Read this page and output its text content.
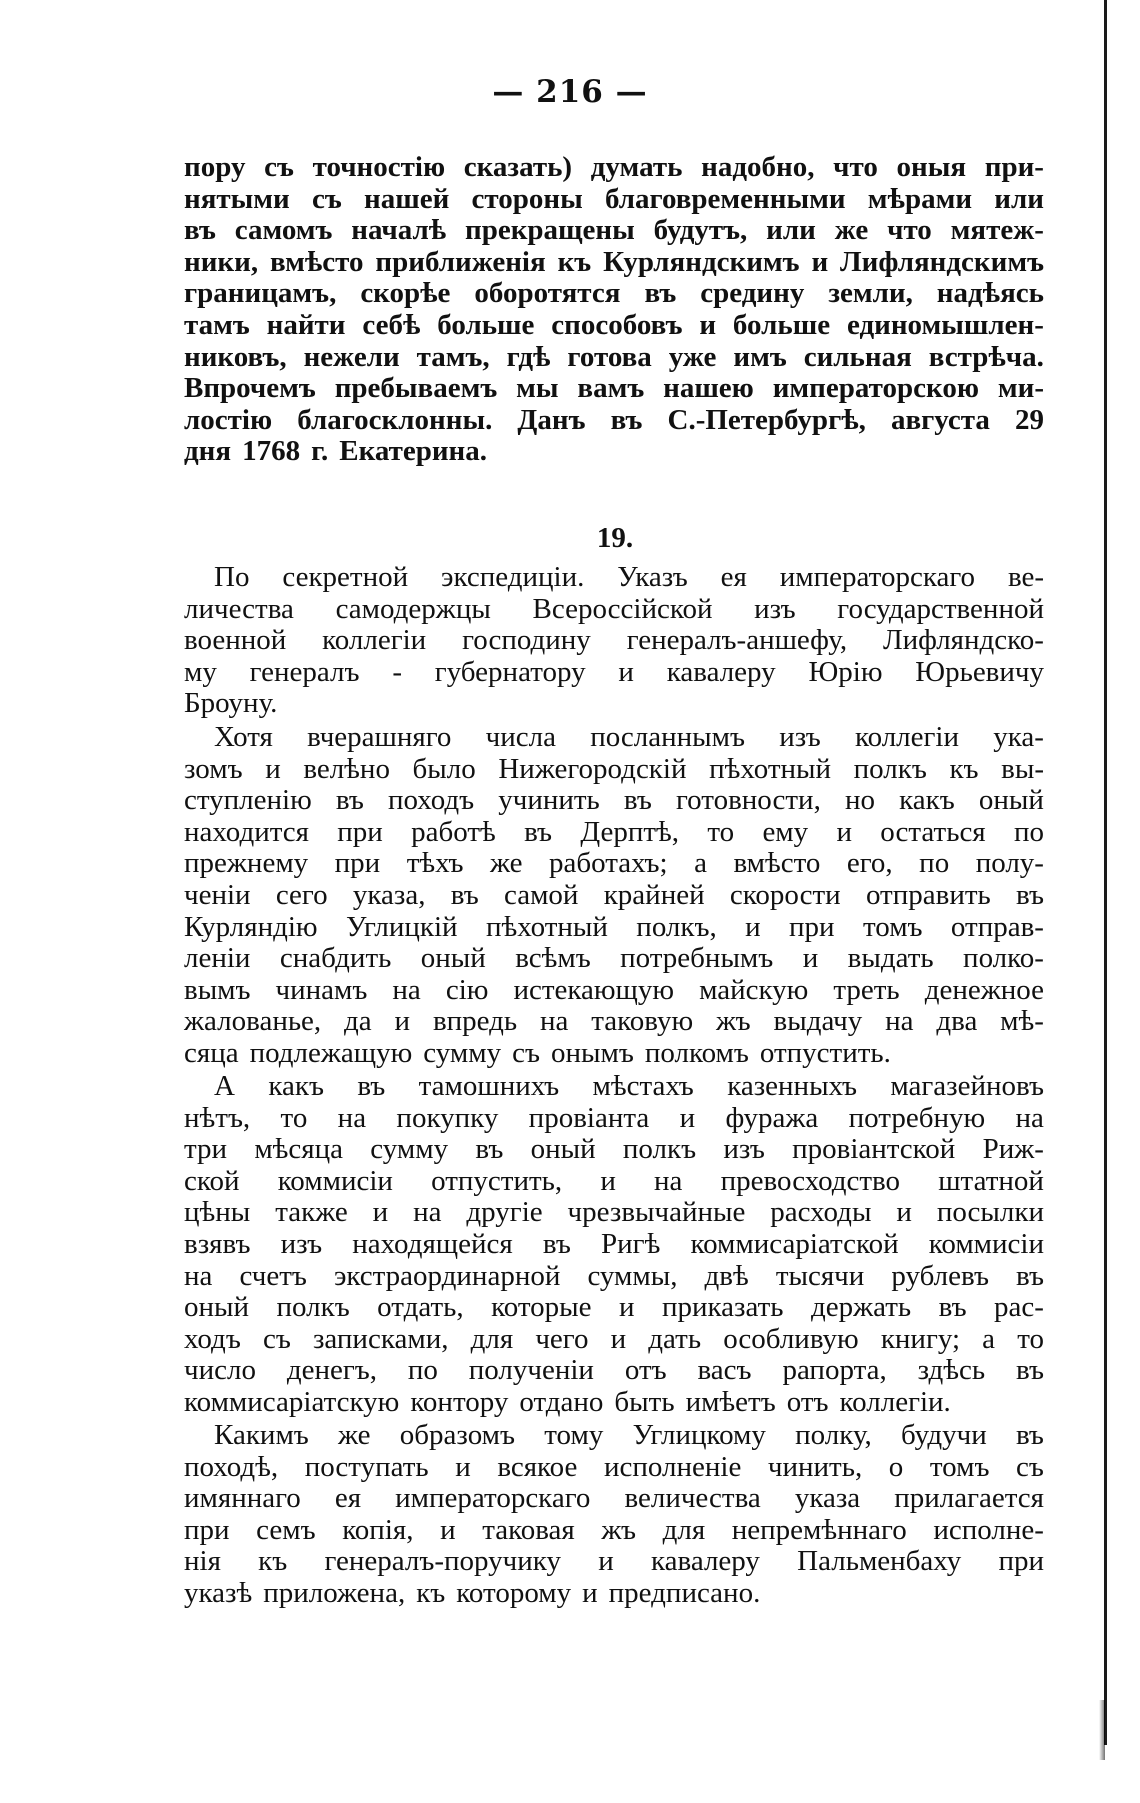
— 216 —
пору съ точностію сказать) думать надобно, что оныя при-
нятыми съ нашей стороны благовременными мѣрами или
въ самомъ началѣ прекращены будутъ, или же что мятеж-
ники, вмѣсто приближенія къ Курляндскимъ и Лифляндскимъ
границамъ, скорѣе оборотятся въ средину земли, надѣясь
тамъ найти себѣ больше способовъ и больше единомышлен-
никовъ, нежели тамъ, гдѣ готова уже имъ сильная встрѣча.
Впрочемъ пребываемъ мы вамъ нашею императорскою ми-
лостію благосклонны. Данъ въ С.-Петербургѣ, августа 29
дня 1768 г. Екатерина.
19.
По секретной экспедиціи. Указъ ея императорскаго ве-
личества самодержцы Всероссійской изъ государственной
военной коллегіи господину генералъ-аншефу, Лифляндско-
му генералъ - губернатору и кавалеру Юрію Юрьевичу
Броуну.
Хотя вчерашняго числа посланнымъ изъ коллегіи ука-
зомъ и велѣно было Нижегородскій пѣхотный полкъ къ вы-
ступленію въ походъ учинить въ готовности, но какъ оный
находится при работѣ въ Дерптѣ, то ему и остаться по
прежнему при тѣхъ же работахъ; а вмѣсто его, по полу-
ченіи сего указа, въ самой крайней скорости отправить въ
Курляндію Углицкій пѣхотный полкъ, и при томъ отправ-
леніи снабдить оный всѣмъ потребнымъ и выдать полко-
вымъ чинамъ на сію истекающую майскую треть денежное
жалованье, да и впредь на таковую жъ выдачу на два мѣ-
сяца подлежащую сумму съ онымъ полкомъ отпустить.
А какъ въ тамошнихъ мѣстахъ казенныхъ магазейновъ
нѣтъ, то на покупку провіанта и фуража потребную на
три мѣсяца сумму въ оный полкъ изъ провіантской Риж-
ской коммисіи отпустить, и на превосходство штатной
цѣны также и на другіе чрезвычайные расходы и посылки
взявъ изъ находящейся въ Ригѣ коммисаріатской коммисіи
на счетъ экстраординарной суммы, двѣ тысячи рублевъ въ
оный полкъ отдать, которые и приказать держать въ рас-
ходъ съ записками, для чего и дать особливую книгу; а то
число денегъ, по полученіи отъ васъ рапорта, здѣсь въ
коммисаріатскую контору отдано быть имѣетъ отъ коллегіи.
Какимъ же образомъ тому Углицкому полку, будучи въ
походѣ, поступать и всякое исполненіе чинить, о томъ съ
имяннаго ея императорскаго величества указа прилагается
при семъ копія, и таковая жъ для непремѣннаго исполне-
нія къ генералъ-поручику и кавалеру Пальменбаху при
указѣ приложена, къ которому и предписано.
